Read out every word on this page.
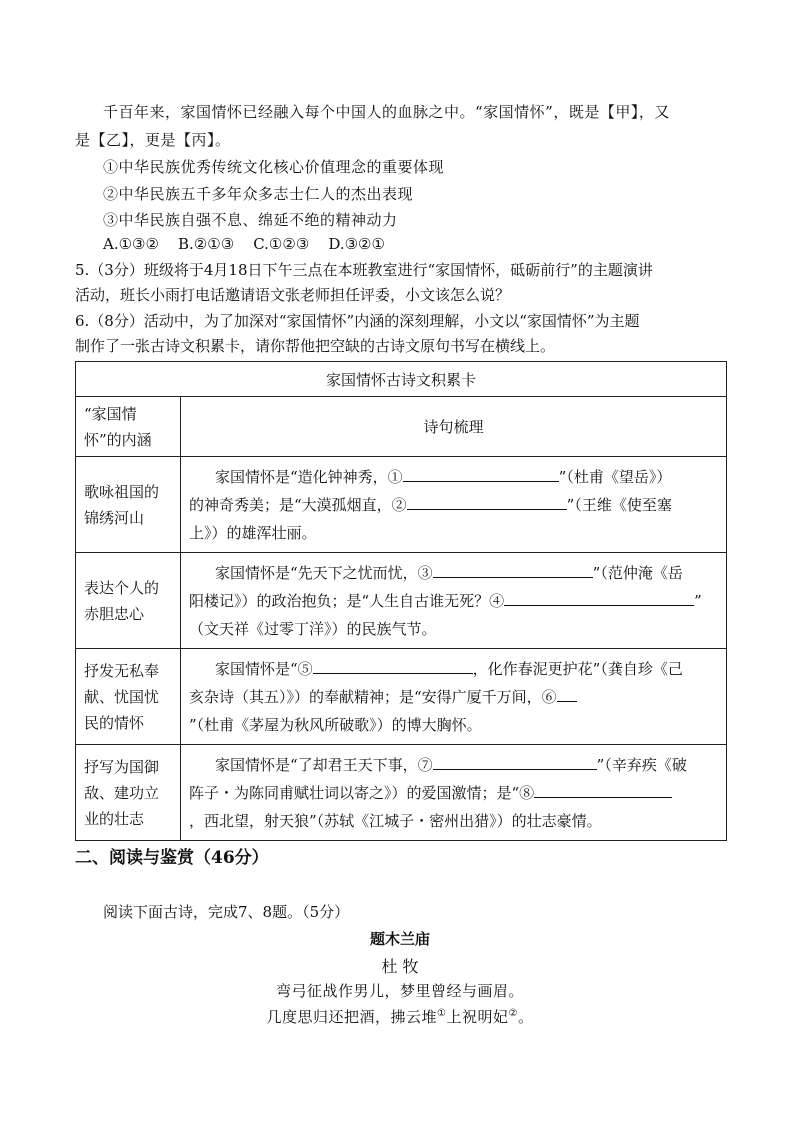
千百年来，家国情怀已经融入每个中国人的血脉之中。“家国情怀”，既是【甲】，又
是【乙】，更是【丙】。
①中华民族优秀传统文化核心价值理念的重要体现
②中华民族五千多年众多志士仁人的杰出表现
③中华民族自强不息、绵延不绝的精神动力
A.①③②    B.②①③    C.①②③    D.③②①
5.（3分）班级将于4月18日下午三点在本班教室进行“家国情怀，砥砺前行”的主题演讲
活动，班长小雨打电话邀请语文张老师担任评委，小文该怎么说？
6.（8分）活动中，为了加深对“家国情怀”内涵的深刻理解，小文以“家国情怀”为主题
制作了一张古诗文积累卡，请你帮他把空缺的古诗文原句书写在横线上。
家国情怀古诗文积累卡	
“家国情怀”的内涵	诗句梳理
歌咏祖国的锦绣河山	家国情怀是“造化钟神秀，① ”（杜甫《望岳》）
的神奇秀美；是“大漠孤烟直，② ”（王维《使至塞
上》）的雄浑壮丽。

表达个人的赤胆忠心	家国情怀是“先天下之忧而忧，③ ”（范仲淹《岳
阳楼记》）的政治抱负；是“人生自古谁无死？④ ”
（文天祥《过零丁洋》）的民族气节。

抒发无私奉献、忧国忧民的情怀	家国情怀是“⑤ ，化作春泥更护花”（龚自珍《己
亥杂诗（其五）》）的奉献精神；是“安得广厦千万间，⑥
”（杜甫《茅屋为秋风所破歌》）的博大胸怀。

抒写为国御敌、建功立业的壮志	家国情怀是“了却君王天下事，⑦ ”（辛弃疾《破
阵子・为陈同甫赋壮词以寄之》）的爱国激情；是“⑧
，西北望，射天狼”（苏轼《江城子・密州出猎》）的壮志豪情。
二、阅读与鉴赏（46分）
阅读下面古诗，完成7、8题。（5分）
题木兰庙
杜 牧
弯弓征战作男儿，梦里曾经与画眉。
几度思归还把酒，拂云堆①上祝明妃②。
